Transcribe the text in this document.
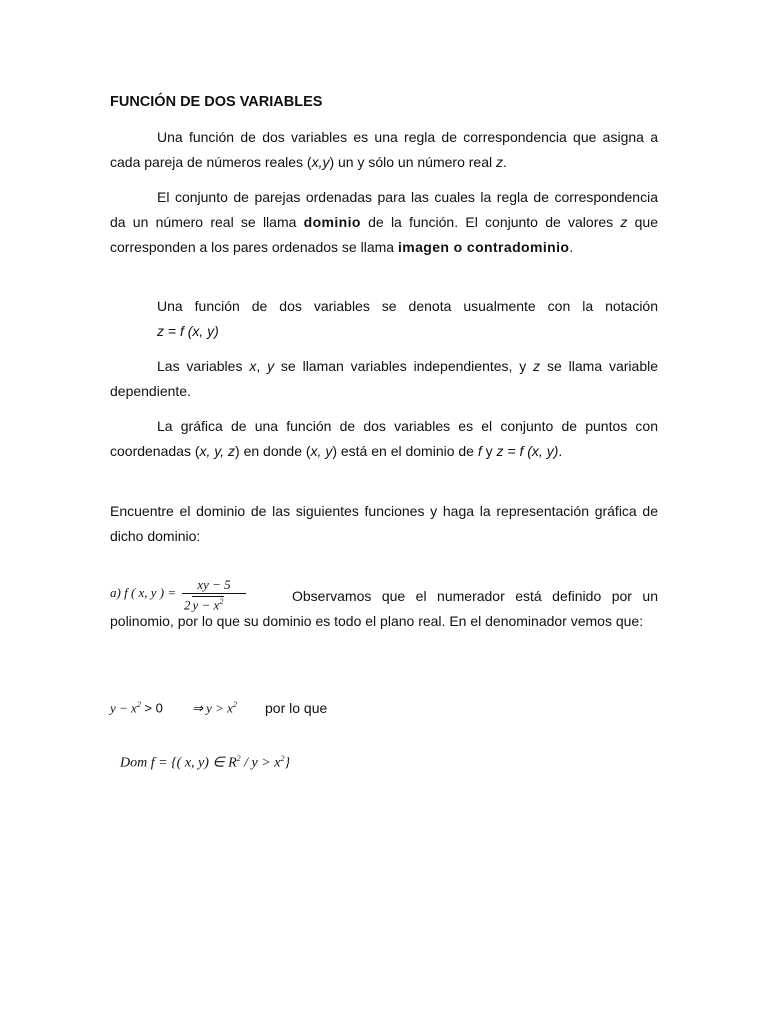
FUNCIÓN DE DOS VARIABLES
Una función de dos variables es una regla de correspondencia que asigna a cada pareja de números reales (x,y) un y sólo un número real z.
El conjunto de parejas ordenadas para las cuales la regla de correspondencia da un número real se llama dominio de la función. El conjunto de valores z que corresponden a los pares ordenados se llama imagen o contradominio.
Una función de dos variables se denota usualmente con la notación
z = f (x, y)
Las variables x, y se llaman variables independientes, y z se llama variable dependiente.
La gráfica de una función de dos variables es el conjunto de puntos con coordenadas (x, y, z) en donde (x, y) está en el dominio de f y z = f (x, y).
Encuentre el dominio de las siguientes funciones y haga la representación gráfica de dicho dominio:
a) f ( x, y ) =
xy − 5
2 $y - x^2$	Observamos que el numerador está definido por un polinomio, por lo que su dominio es todo el plano real. En el denominador vemos que:
$y - x^2 > 0$ ⇒ $y > x^2$ por lo que
Dom f = {( x, y) ∈ $R^2 / y > x^2$}
